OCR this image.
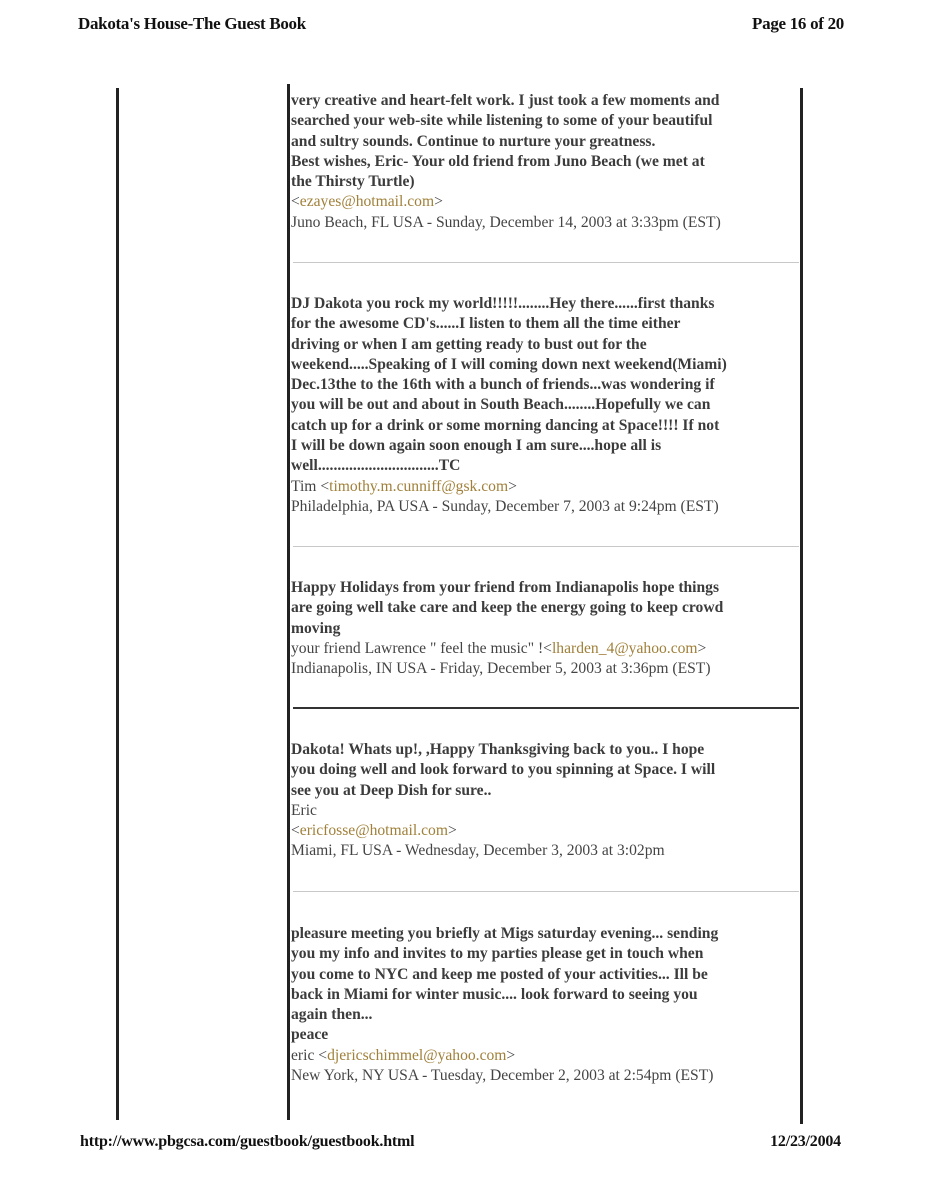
Dakota's House-The Guest Book	Page 16 of 20
very creative and heart-felt work. I just took a few moments and
searched your web-site while listening to some of your beautiful
and sultry sounds. Continue to nurture your greatness.
Best wishes, Eric- Your old friend from Juno Beach (we met at
the Thirsty Turtle)
<ezayes@hotmail.com>
Juno Beach, FL USA - Sunday, December 14, 2003 at 3:33pm (EST)
DJ Dakota you rock my world!!!!!........Hey there......first thanks
for the awesome CD's......I listen to them all the time either
driving or when I am getting ready to bust out for the
weekend.....Speaking of I will coming down next weekend(Miami)
Dec.13the to the 16th with a bunch of friends...was wondering if
you will be out and about in South Beach........Hopefully we can
catch up for a drink or some morning dancing at Space!!!! If not
I will be down again soon enough I am sure....hope all is
well...............................TC
Tim <timothy.m.cunniff@gsk.com>
Philadelphia, PA USA - Sunday, December 7, 2003 at 9:24pm (EST)
Happy Holidays from your friend from Indianapolis hope things
are going well take care and keep the energy going to keep crowd
moving
your friend Lawrence " feel the music" !<lharden_4@yahoo.com>
Indianapolis, IN USA - Friday, December 5, 2003 at 3:36pm (EST)
Dakota! Whats up!, ,Happy Thanksgiving back to you.. I hope
you doing well and look forward to you spinning at Space. I will
see you at Deep Dish for sure..
Eric
<ericfosse@hotmail.com>
Miami, FL USA - Wednesday, December 3, 2003 at 3:02pm
pleasure meeting you briefly at Migs saturday evening... sending
you my info and invites to my parties please get in touch when
you come to NYC and keep me posted of your activities... Ill be
back in Miami for winter music.... look forward to seeing you
again then...
peace
eric <djericschimmel@yahoo.com>
New York, NY USA - Tuesday, December 2, 2003 at 2:54pm (EST)
http://www.pbgcsa.com/guestbook/guestbook.html	12/23/2004
